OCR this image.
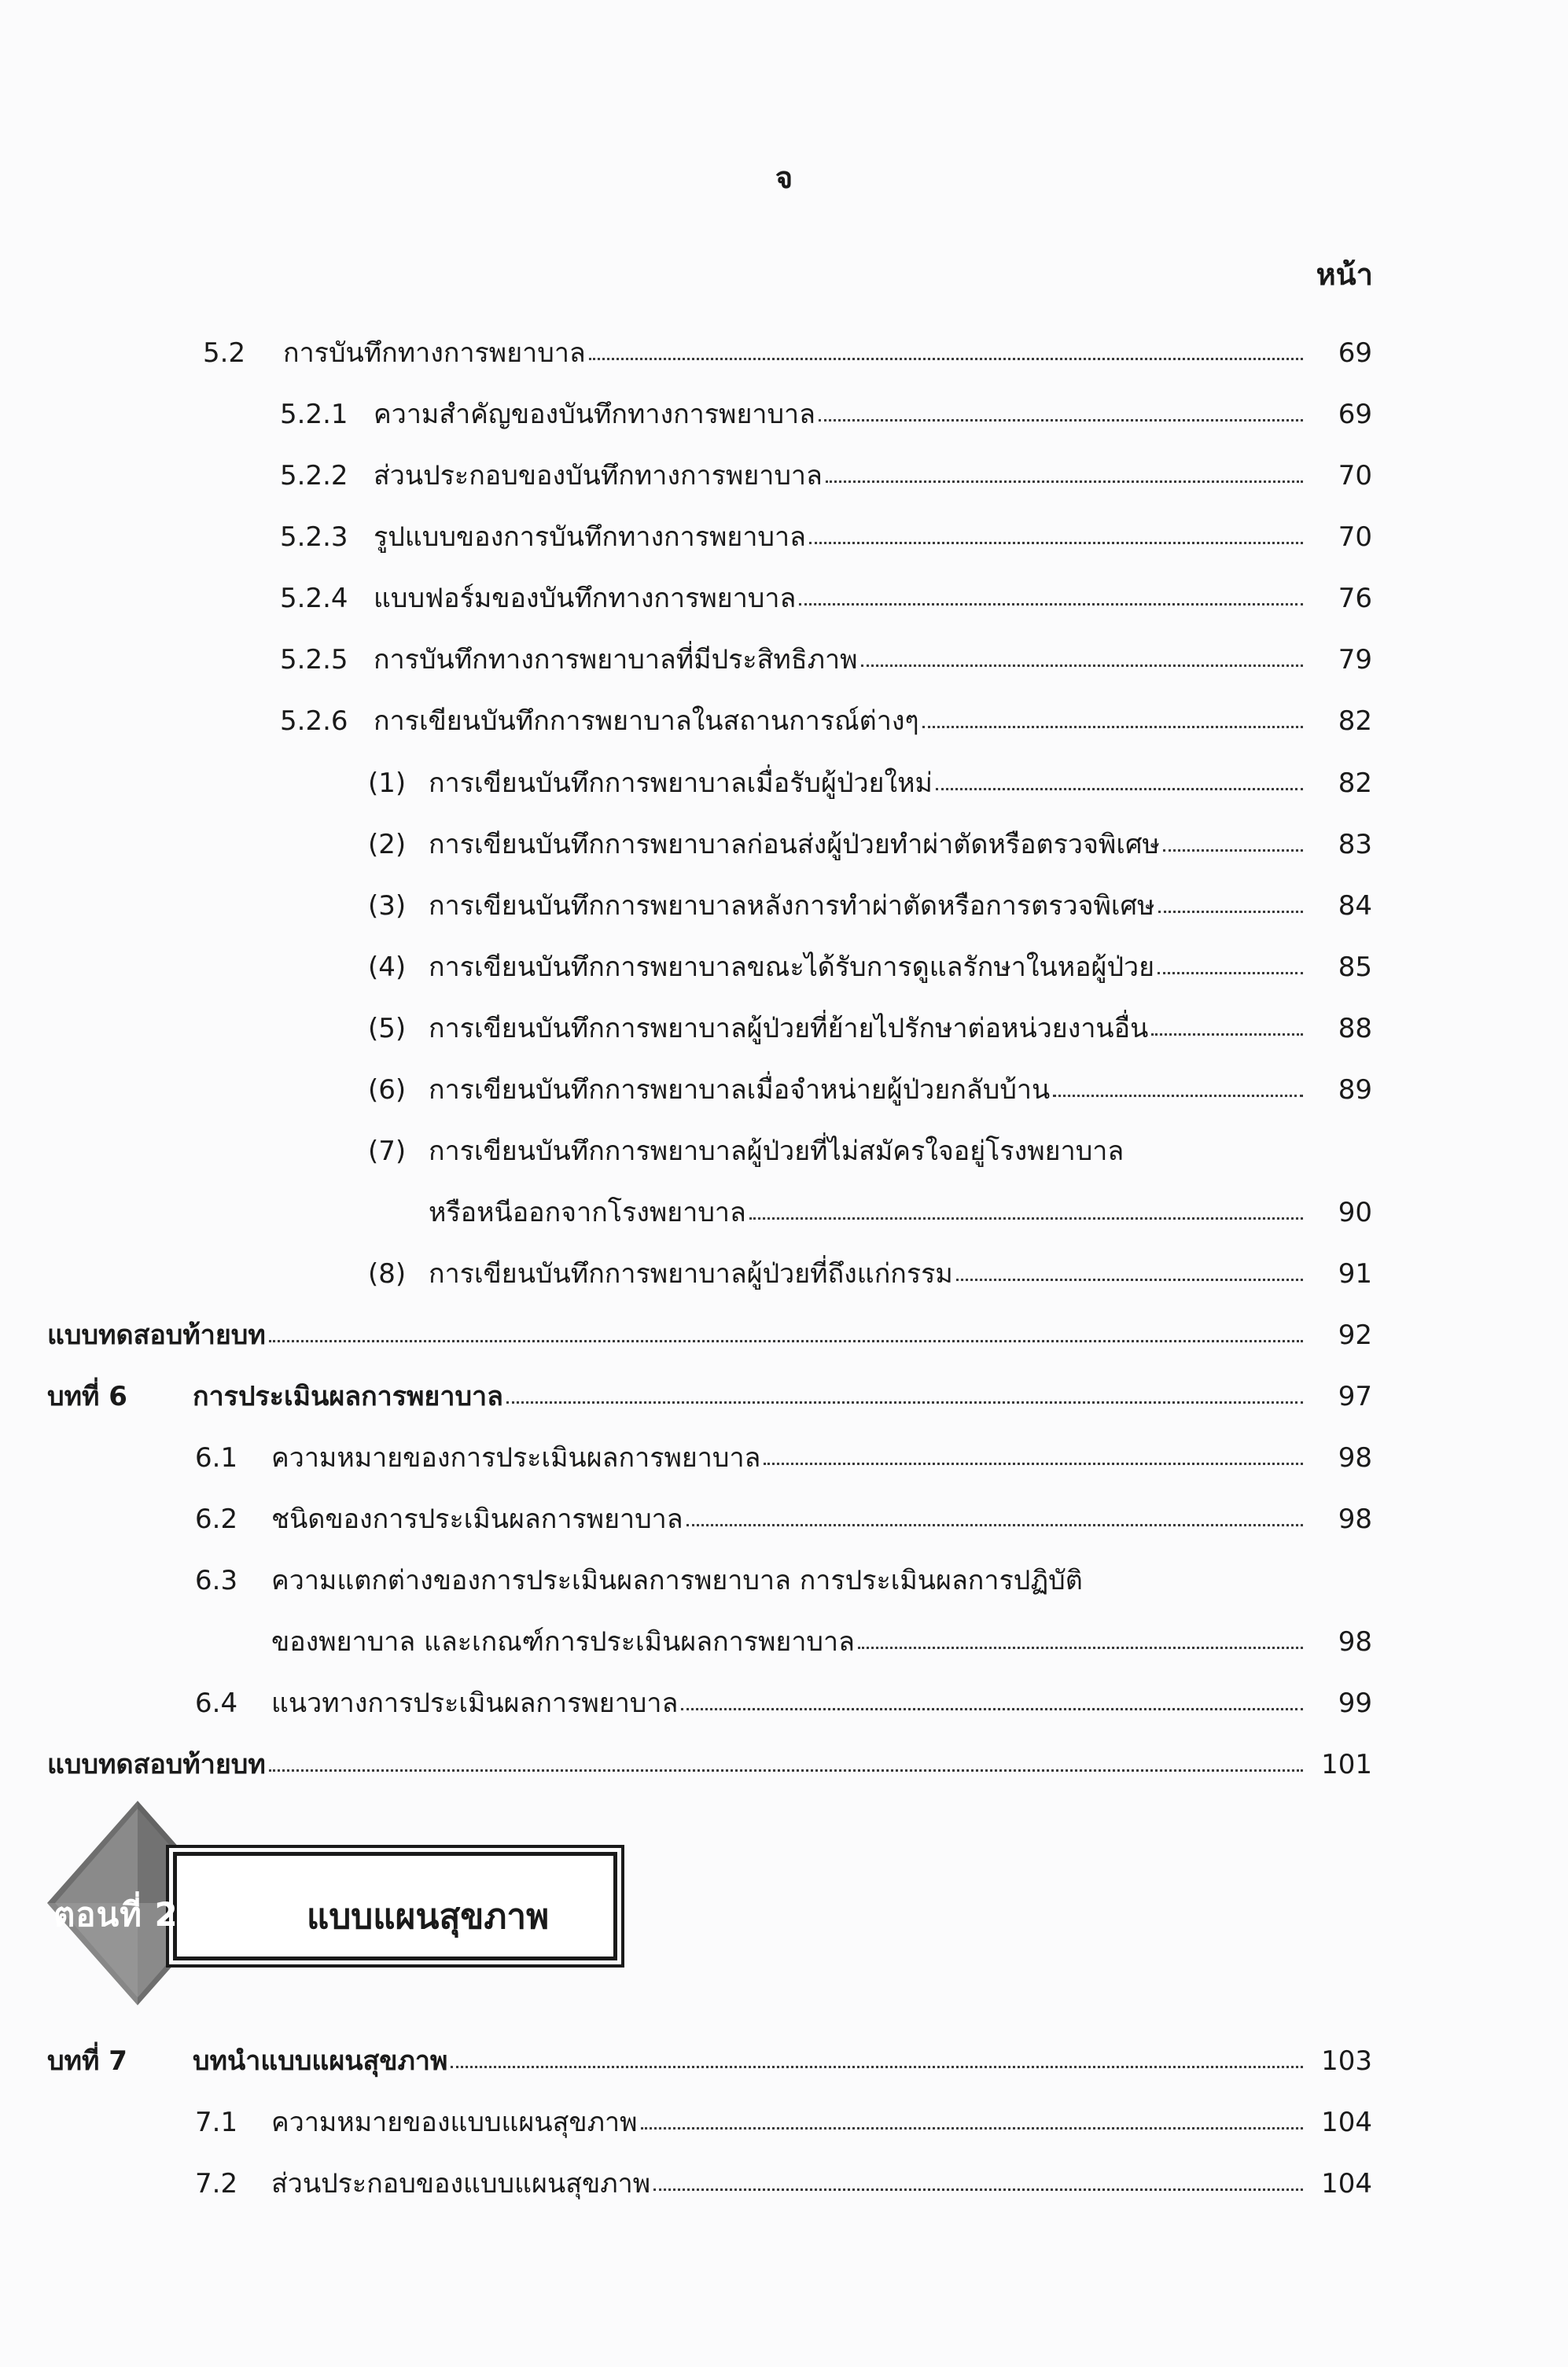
จ
หน้า
5.2	การบันทึกทางการพยาบาล	69
5.2.1 ความสำคัญของบันทึกทางการพยาบาล	69
5.2.2 ส่วนประกอบของบันทึกทางการพยาบาล	70
5.2.3 รูปแบบของการบันทึกทางการพยาบาล	70
5.2.4 แบบฟอร์มของบันทึกทางการพยาบาล	76
5.2.5 การบันทึกทางการพยาบาลที่มีประสิทธิภาพ	79
5.2.6 การเขียนบันทึกการพยาบาลในสถานการณ์ต่างๆ	82
(1) การเขียนบันทึกการพยาบาลเมื่อรับผู้ป่วยใหม่	82
(2) การเขียนบันทึกการพยาบาลก่อนส่งผู้ป่วยทำผ่าตัดหรือตรวจพิเศษ	83
(3) การเขียนบันทึกการพยาบาลหลังการทำผ่าตัดหรือการตรวจพิเศษ	84
(4) การเขียนบันทึกการพยาบาลขณะได้รับการดูแลรักษาในหอผู้ป่วย	85
(5) การเขียนบันทึกการพยาบาลผู้ป่วยที่ย้ายไปรักษาต่อหน่วยงานอื่น	88
(6) การเขียนบันทึกการพยาบาลเมื่อจำหน่ายผู้ป่วยกลับบ้าน	89
(7) การเขียนบันทึกการพยาบาลผู้ป่วยที่ไม่สมัครใจอยู่โรงพยาบาล
หรือหนีออกจากโรงพยาบาล	90
(8) การเขียนบันทึกการพยาบาลผู้ป่วยที่ถึงแก่กรรม	91
แบบทดสอบท้ายบท	92
บทที่ 6	การประเมินผลการพยาบาล	97
6.1	ความหมายของการประเมินผลการพยาบาล	98
6.2	ชนิดของการประเมินผลการพยาบาล	98
6.3	ความแตกต่างของการประเมินผลการพยาบาล การประเมินผลการปฏิบัติ
ของพยาบาล และเกณฑ์การประเมินผลการพยาบาล	98
6.4	แนวทางการประเมินผลการพยาบาล	99
แบบทดสอบท้ายบท	101
บทที่ 7	บทนำแบบแผนสุขภาพ	103
7.1	ความหมายของแบบแผนสุขภาพ	104
7.2	ส่วนประกอบของแบบแผนสุขภาพ	104
ตอนที่ 2	แบบแผนสุขภาพ
